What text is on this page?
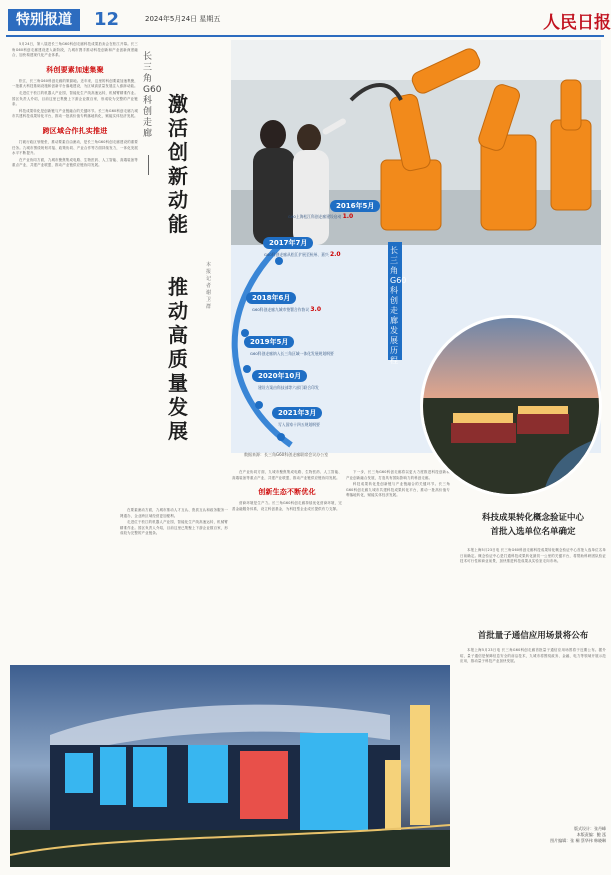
特别报道	12	2024年5月24日 星期五	人民日报

5月24日，第八届进长三角G60科创走廊科技成果拍卖会在松江开幕。长三角G60科创走廊建设进入新阶段，九城市携手推动科技创新和产业创新深度融合，加快构建现代化产业体系。

科创要素加速集聚

松江，长三角G60科创走廊的策源地。近年来，这里的科创要素加速集聚，一批重大科技基础设施和创新平台落地建设，为区域高质量发展注入澎湃动能。

走进位于松江的机器人产业园，智能化生产线高速运转，机械臂精准作业。园区负责人介绍，目前这里已集聚上下游企业数百家，形成较为完整的产业链条。

科技成果转化是创新链与产业链融合的关键环节。长三角G60科创走廊九城市共建科技成果转化平台，推动一批高价值专利落地转化，赋能实体经济发展。

跨区域合作扎实推进

打破行政区划壁垒，推动要素自由流动，是长三角G60科创走廊建设的重要任务。九城市围绕规划对接、政策协同、产业合作等方面持续发力，一体化发展水平不断提升。

在产业协同方面，九城市聚焦集成电路、生物医药、人工智能、高端装备等重点产业，共建产业联盟，推动产业链供应链协同发展。

长三角G60科创走廊
激活创新动能
推动高质量发展
本报记者 谢卫群

在要素流动方面，九城市推动人才互认、资质互认和政务服务一网通办，企业跨区域经营更加便利。

走进位于松江的机器人产业园，智能化生产线高速运转，机械臂精准作业。园区负责人介绍，目前这里已集聚上下游企业数百家，形成较为完整的产业链条。

在产业协同方面，九城市聚焦集成电路、生物医药、人工智能、高端装备等重点产业，共建产业联盟，推动产业链供应链协同发展。

创新生态不断优化

营商环境是生产力。长三角G60科创走廊持续优化营商环境，完善金融服务体系，设立科创基金，为科技型企业成长提供有力支撑。

下一步，长三角G60科创走廊将以更大力度推进科技创新和产业创新融合发展，打造具有国际影响力的科创走廊。

科技成果转化是创新链与产业链融合的关键环节。长三角G60科创走廊九城市共建科技成果转化平台，推动一批高价值专利落地转化，赋能实体经济发展。

2016年5月
G60上海松江科创走廊建设启动 1.0
2017年7月
G60科创走廊从松江扩展至杭州、嘉兴 2.0
2018年6月
G60科创走廊九城市签署合作协议 3.0
2019年5月
G60科创走廊纳入长三角区域一体化发展规划纲要
2020年10月
建设方案由科技部等六部门联合印发
2021年3月
写入国家十四五规划纲要
长三角G60科创走廊发展历程
数据来源：长三角G60科创走廊联席会议办公室
科技成果转化概念验证中心
首批入选单位名单确定

本报上海5月23日电 长三角G60科创走廊科技成果转化概念验证中心首批入选单位名单日前确定。概念验证中心是打通科技成果转化最初一公里的关键平台，将帮助科研团队验证技术可行性和商业前景，加快推进科技成果从实验室走向市场。

首批量子通信应用场景将公布

本报上海5月23日电 长三角G60科创走廊首批量子通信应用场景将于近期公布。据介绍，量子通信是保障信息安全的前沿技术，九城市将围绕政务、金融、电力等领域开展示范应用，推动量子科技产业加快发展。

版式设计：张丹峰
本版责编：鲍 泓
图片编辑：张 桐 蔡华伟 韩晓琳
